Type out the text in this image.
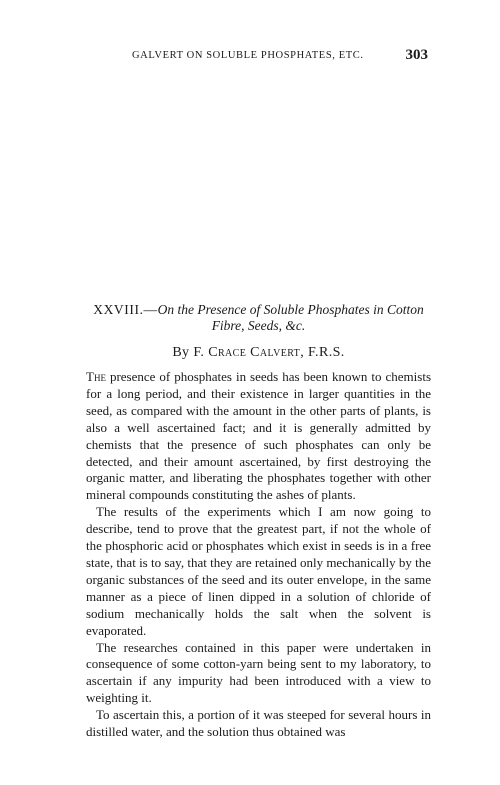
GALVERT ON SOLUBLE PHOSPHATES, ETC.	303
XXVIII.—On the Presence of Soluble Phosphates in Cotton Fibre, Seeds, &c.
By F. Crace Calvert, F.R.S.

The presence of phosphates in seeds has been known to chemists for a long period, and their existence in larger quantities in the seed, as compared with the amount in the other parts of plants, is also a well ascertained fact; and it is generally admitted by chemists that the presence of such phosphates can only be detected, and their amount ascertained, by first destroying the organic matter, and liberating the phosphates together with other mineral compounds constituting the ashes of plants.

The results of the experiments which I am now going to describe, tend to prove that the greatest part, if not the whole of the phosphoric acid or phosphates which exist in seeds is in a free state, that is to say, that they are retained only mechanically by the organic substances of the seed and its outer envelope, in the same manner as a piece of linen dipped in a solution of chloride of sodium mechanically holds the salt when the solvent is evaporated.

The researches contained in this paper were undertaken in consequence of some cotton-yarn being sent to my laboratory, to ascertain if any impurity had been introduced with a view to weighting it.

To ascertain this, a portion of it was steeped for several hours in distilled water, and the solution thus obtained was
